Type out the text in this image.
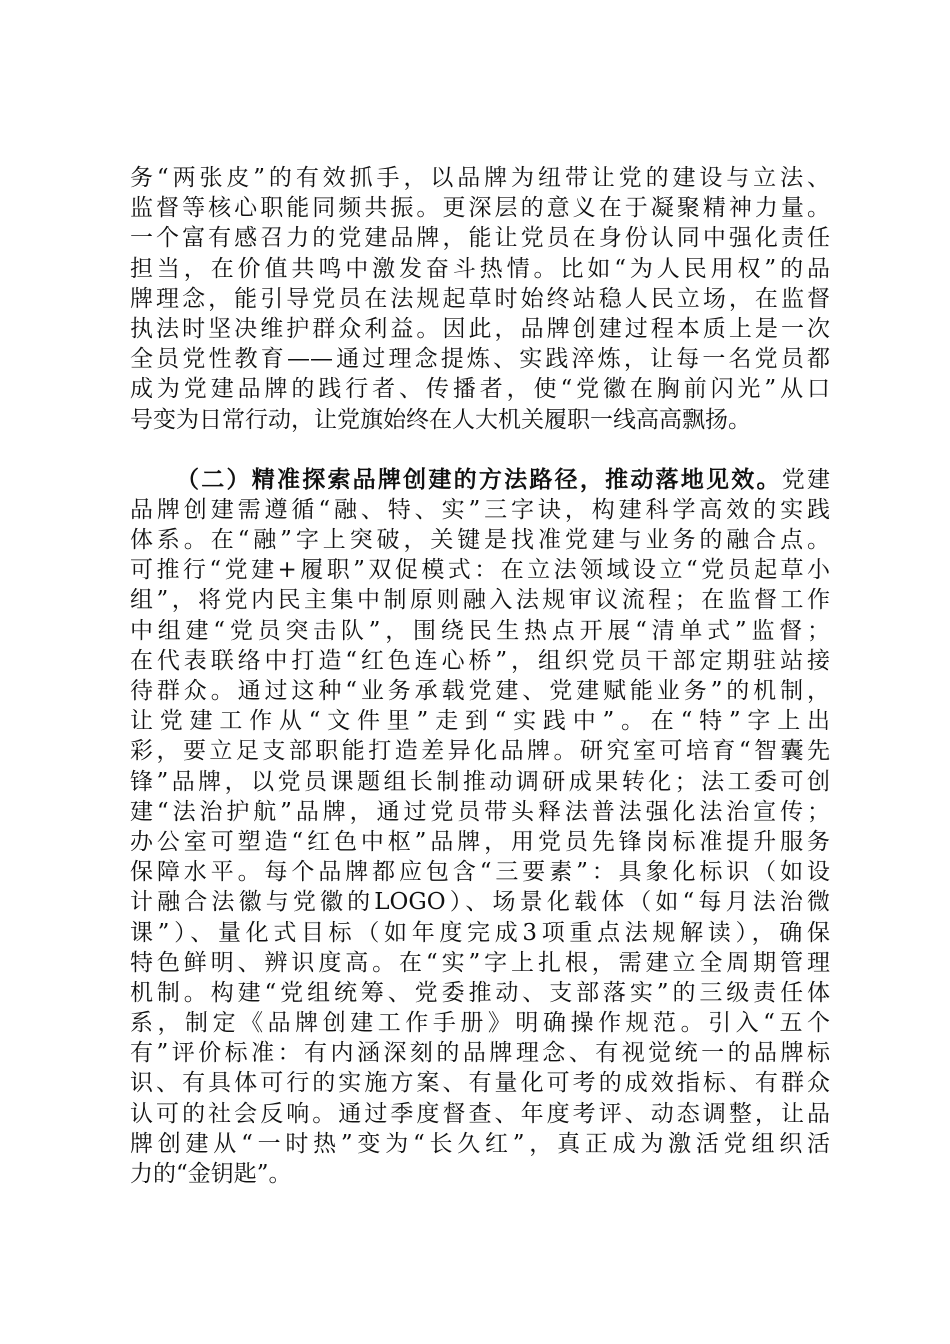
务“两张皮”的有效抓手，以品牌为纽带让党的建设与立法、
监督等核心职能同频共振。更深层的意义在于凝聚精神力量。
一个富有感召力的党建品牌，能让党员在身份认同中强化责任
担当，在价值共鸣中激发奋斗热情。比如“为人民用权”的品
牌理念，能引导党员在法规起草时始终站稳人民立场，在监督
执法时坚决维护群众利益。因此，品牌创建过程本质上是一次
全员党性教育——通过理念提炼、实践淬炼，让每一名党员都
成为党建品牌的践行者、传播者，使“党徽在胸前闪光”从口
号变为日常行动，让党旗始终在人大机关履职一线高高飘扬。
（二）精准探索品牌创建的方法路径，推动落地见效。党建
品牌创建需遵循“融、特、实”三字诀，构建科学高效的实践
体系。在“融”字上突破，关键是找准党建与业务的融合点。
可推行“党建+履职”双促模式：在立法领域设立“党员起草小
组”，将党内民主集中制原则融入法规审议流程；在监督工作
中组建“党员突击队”，围绕民生热点开展“清单式”监督；
在代表联络中打造“红色连心桥”，组织党员干部定期驻站接
待群众。通过这种“业务承载党建、党建赋能业务”的机制，
让党建工作从“文件里”走到“实践中”。在“特”字上出
彩，要立足支部职能打造差异化品牌。研究室可培育“智囊先
锋”品牌，以党员课题组长制推动调研成果转化；法工委可创
建“法治护航”品牌，通过党员带头释法普法强化法治宣传；
办公室可塑造“红色中枢”品牌，用党员先锋岗标准提升服务
保障水平。每个品牌都应包含“三要素”：具象化标识（如设
计融合法徽与党徽的LOGO）、场景化载体（如“每月法治微
课”）、量化式目标（如年度完成3项重点法规解读），确保
特色鲜明、辨识度高。在“实”字上扎根，需建立全周期管理
机制。构建“党组统筹、党委推动、支部落实”的三级责任体
系，制定《品牌创建工作手册》明确操作规范。引入“五个
有”评价标准：有内涵深刻的品牌理念、有视觉统一的品牌标
识、有具体可行的实施方案、有量化可考的成效指标、有群众
认可的社会反响。通过季度督查、年度考评、动态调整，让品
牌创建从“一时热”变为“长久红”，真正成为激活党组织活
力的“金钥匙”。
